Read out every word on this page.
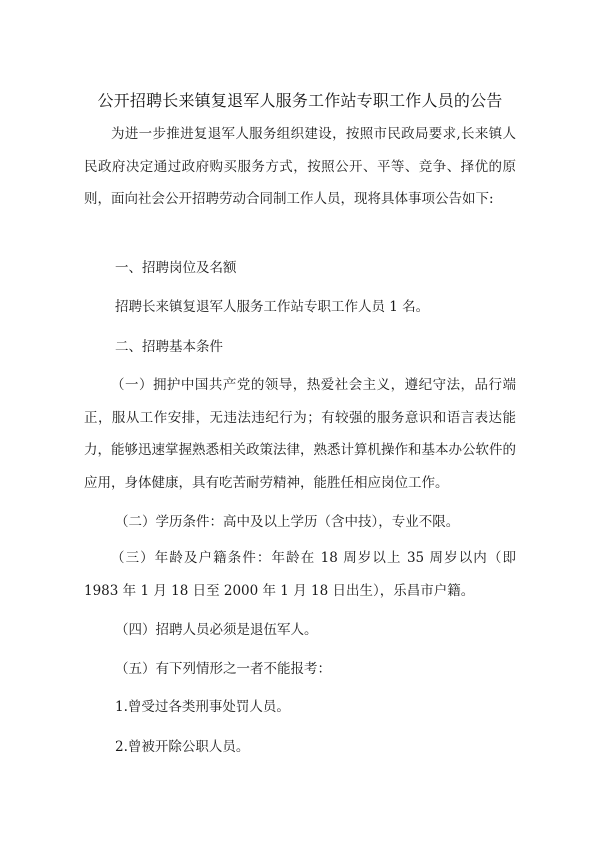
公开招聘长来镇复退军人服务工作站专职工作人员的公告

为进一步推进复退军人服务组织建设，按照市民政局要求,长来镇人民政府决定通过政府购买服务方式，按照公开、平等、竞争、择优的原则，面向社会公开招聘劳动合同制工作人员，现将具体事项公告如下:

一、招聘岗位及名额

招聘长来镇复退军人服务工作站专职工作人员 1 名。

二、招聘基本条件

（一）拥护中国共产党的领导，热爱社会主义，遵纪守法，品行端正，服从工作安排，无违法违纪行为；有较强的服务意识和语言表达能力，能够迅速掌握熟悉相关政策法律，熟悉计算机操作和基本办公软件的应用，身体健康，具有吃苦耐劳精神，能胜任相应岗位工作。

（二）学历条件：高中及以上学历（含中技），专业不限。

（三）年龄及户籍条件：年龄在 18 周岁以上 35 周岁以内（即 1983 年 1 月 18 日至 2000 年 1 月 18 日出生），乐昌市户籍。

（四）招聘人员必须是退伍军人。

（五）有下列情形之一者不能报考：

1.曾受过各类刑事处罚人员。

2.曾被开除公职人员。
